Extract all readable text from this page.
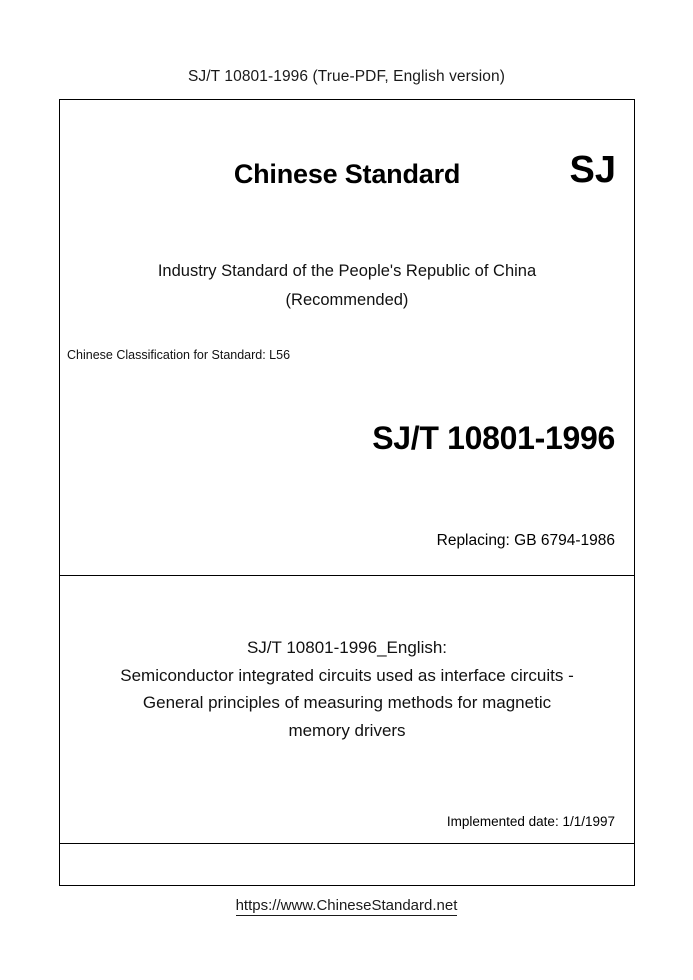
SJ/T 10801-1996 (True-PDF, English version)
Chinese Standard	SJ
Industry Standard of the People's Republic of China
(Recommended)
Chinese Classification for Standard: L56
SJ/T 10801-1996
Replacing: GB 6794-1986
SJ/T 10801-1996_English:
Semiconductor integrated circuits used as interface circuits -
General principles of measuring methods for magnetic
memory drivers
Implemented date: 1/1/1997
https://www.ChineseStandard.net
